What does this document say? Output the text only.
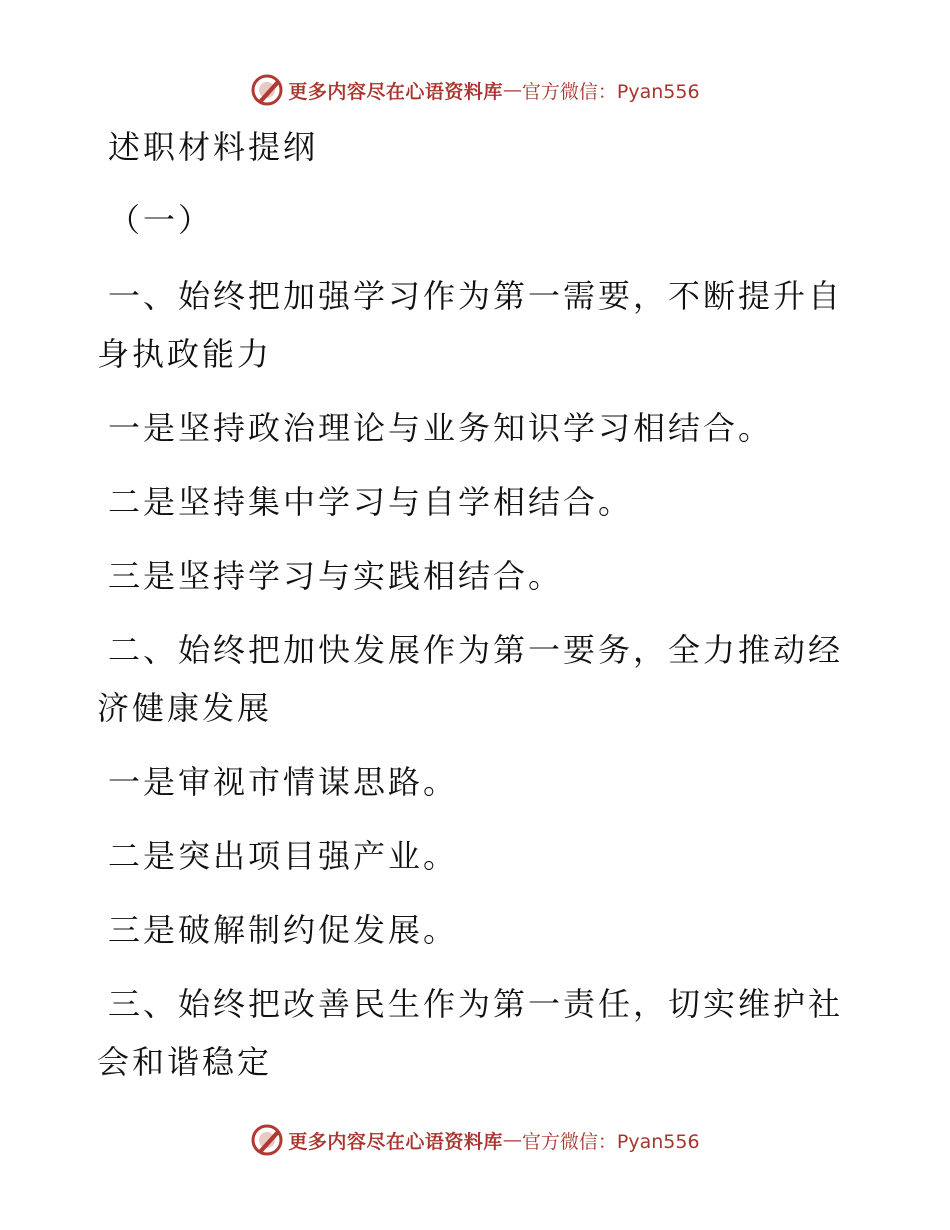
更多内容尽在心语资料库 — 官方微信：Pyan556
述职材料提纲
（一）
一、始终把加强学习作为第一需要，不断提升自
身执政能力
一是坚持政治理论与业务知识学习相结合。
二是坚持集中学习与自学相结合。
三是坚持学习与实践相结合。
二、始终把加快发展作为第一要务，全力推动经
济健康发展
一是审视市情谋思路。
二是突出项目强产业。
三是破解制约促发展。
三、始终把改善民生作为第一责任，切实维护社
会和谐稳定
更多内容尽在心语资料库 — 官方微信：Pyan556
